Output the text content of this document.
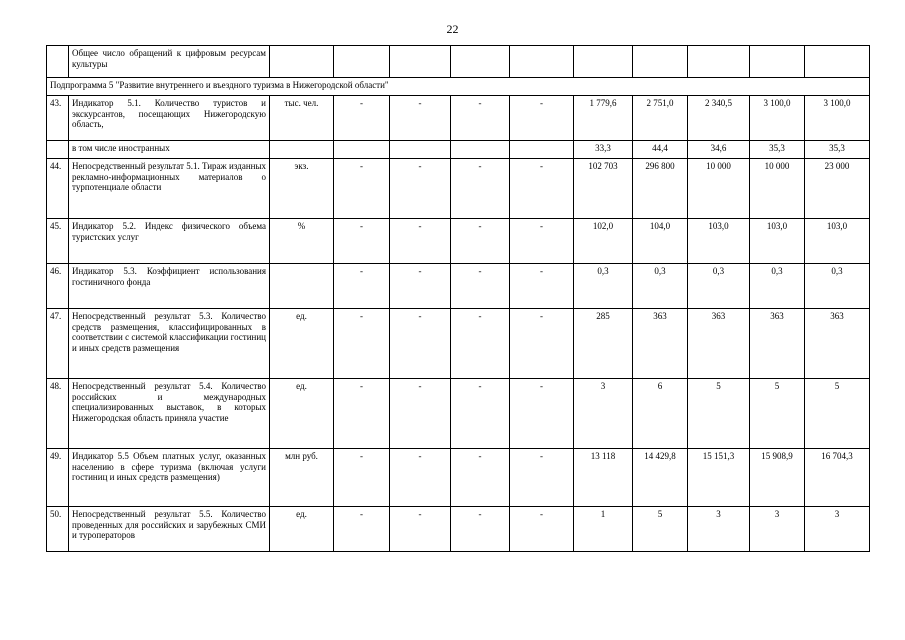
22
	Общее число обращений к цифровым ресурсам культуры										
Подпрограмма 5 "Развитие внутреннего и въездного туризма в Нижегородской области"											
43.	Индикатор 5.1. Количество туристов и экскурсантов, посещающих Нижегородскую область,	тыс. чел.	-	-	-	-	1 779,6	2 751,0	2 340,5	3 100,0	3 100,0
	в том числе иностранных						33,3	44,4	34,6	35,3	35,3
44.	Непосредственный результат 5.1. Тираж изданных рекламно-информационных материалов о турпотенциале области	экз.	-	-	-	-	102 703	296 800	10 000	10 000	23 000
45.	Индикатор 5.2. Индекс физического объема туристских услуг	%	-	-	-	-	102,0	104,0	103,0	103,0	103,0
46.	Индикатор 5.3. Коэффициент использования гостиничного фонда		-	-	-	-	0,3	0,3	0,3	0,3	0,3
47.	Непосредственный результат 5.3. Количество средств размещения, классифицированных в соответствии с системой классификации гостиниц и иных средств размещения	ед.	-	-	-	-	285	363	363	363	363
48.	Непосредственный результат 5.4. Количество российских и международных специализированных выставок, в которых Нижегородская область приняла участие	ед.	-	-	-	-	3	6	5	5	5
49.	Индикатор 5.5 Объем платных услуг, оказанных населению в сфере туризма (включая услуги гостиниц и иных средств размещения)	млн руб.	-	-	-	-	13 118	14 429,8	15 151,3	15 908,9	16 704,3
50.	Непосредственный результат 5.5. Количество проведенных для российских и зарубежных СМИ и туроператоров	ед.	-	-	-	-	1	5	3	3	3
